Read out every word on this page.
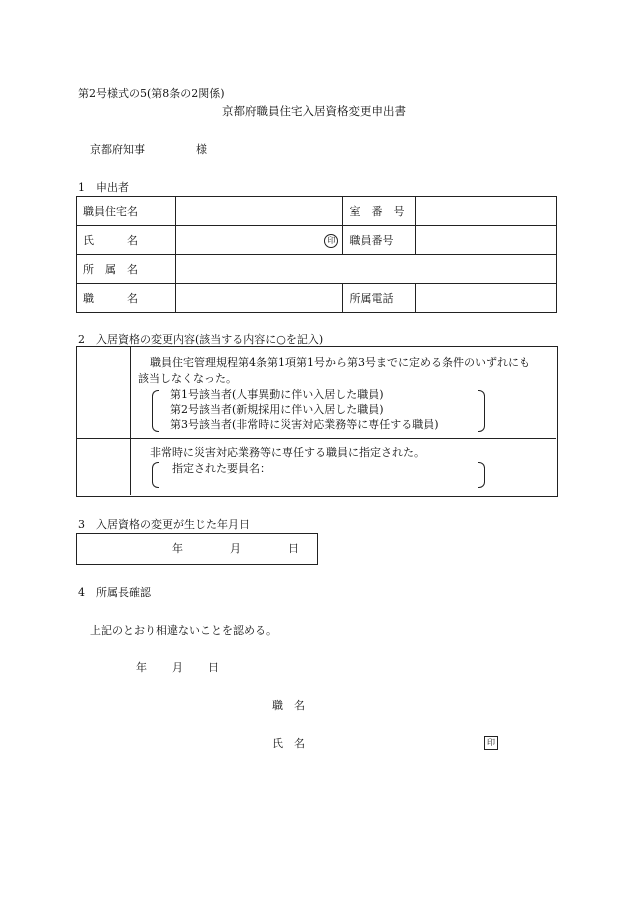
第2号様式の5(第8条の2関係)
京都府職員住宅入居資格変更申出書
京都府知事	様
1　申出者
職員住宅名		室　番　号	
氏　　　名	印	職員番号	
所　属　名			
職　　　名		所属電話	
2　入居資格の変更内容(該当する内容に○を記入)
職員住宅管理規程第4条第1項第1号から第3号までに定める条件のいずれにも
該当しなくなった。
第1号該当者(人事異動に伴い入居した職員)
第2号該当者(新規採用に伴い入居した職員)
第3号該当者(非常時に災害対応業務等に専任する職員)
非常時に災害対応業務等に専任する職員に指定された。
指定された要員名：
3　入居資格の変更が生じた年月日
年	月	日
4　所属長確認
上記のとおり相違ないことを認める。
年 月 日
職　名
氏　名	印
